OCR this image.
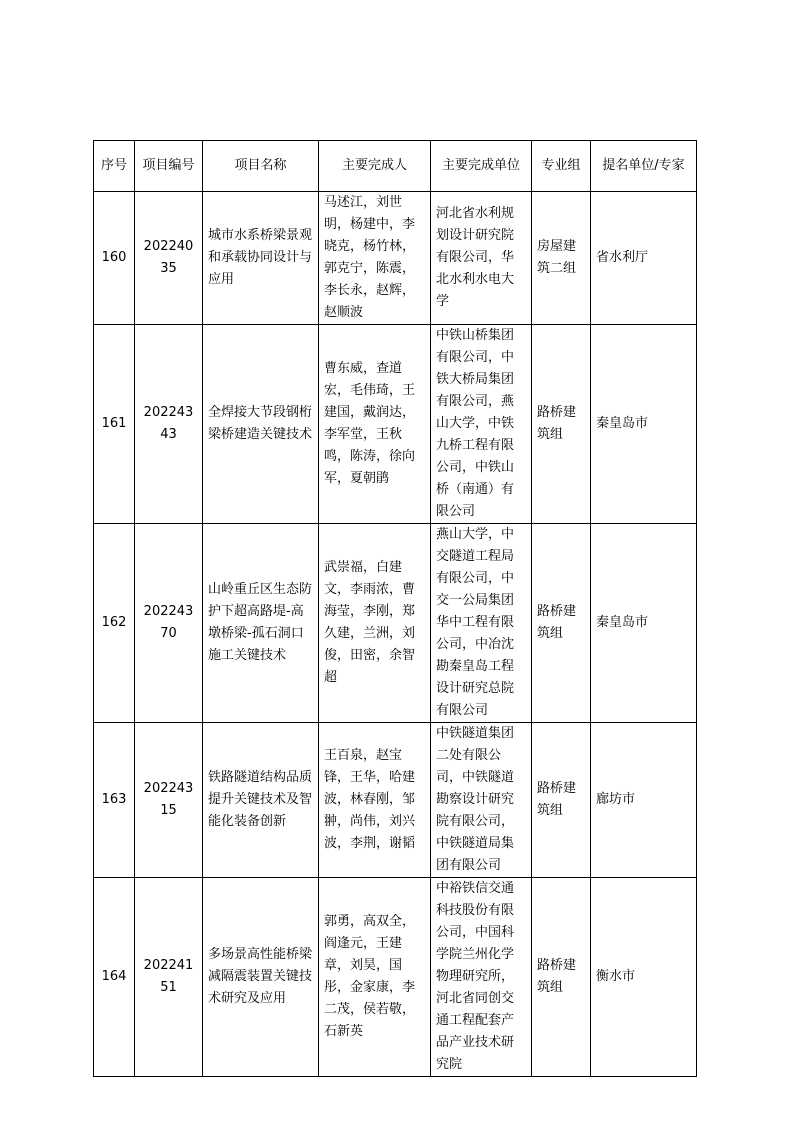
序号	项目编号	项目名称	主要完成人	主要完成单位	专业组	提名单位/专家
160	20224035	城市水系桥梁景观和承载协同设计与应用	马述江，刘世明，杨建中，李晓克，杨竹林，郭克宁，陈震，李长永，赵辉，赵顺波	河北省水利规划设计研究院有限公司，华北水利水电大学	房屋建筑二组	省水利厅
161	20224343	全焊接大节段钢桁梁桥建造关键技术	曹东威，查道宏，毛伟琦，王建国，戴润达，李军堂，王秋鸣，陈涛，徐向军，夏朝鹃	中铁山桥集团有限公司，中铁大桥局集团有限公司，燕山大学，中铁九桥工程有限公司，中铁山桥（南通）有限公司	路桥建筑组	秦皇岛市
162	20224370	山岭重丘区生态防护下超高路堤-高墩桥梁-孤石洞口施工关键技术	武崇福，白建文，李雨浓，曹海莹，李刚，郑久建，兰洲，刘俊，田密，余智超	燕山大学，中交隧道工程局有限公司，中交一公局集团华中工程有限公司，中冶沈勘秦皇岛工程设计研究总院有限公司	路桥建筑组	秦皇岛市
163	20224315	铁路隧道结构品质提升关键技术及智能化装备创新	王百泉，赵宝锋，王华，哈建波，林春刚，邹翀，尚伟，刘兴波，李荆，谢韬	中铁隧道集团二处有限公司，中铁隧道勘察设计研究院有限公司，中铁隧道局集团有限公司	路桥建筑组	廊坊市
164	20224151	多场景高性能桥梁减隔震装置关键技术研究及应用	郭勇，高双全，阎逢元，王建章，刘昊，国彤，金家康，李二茂，侯若敬，石新英	中裕铁信交通科技股份有限公司，中国科学院兰州化学物理研究所，河北省同创交通工程配套产品产业技术研究院	路桥建筑组	衡水市
